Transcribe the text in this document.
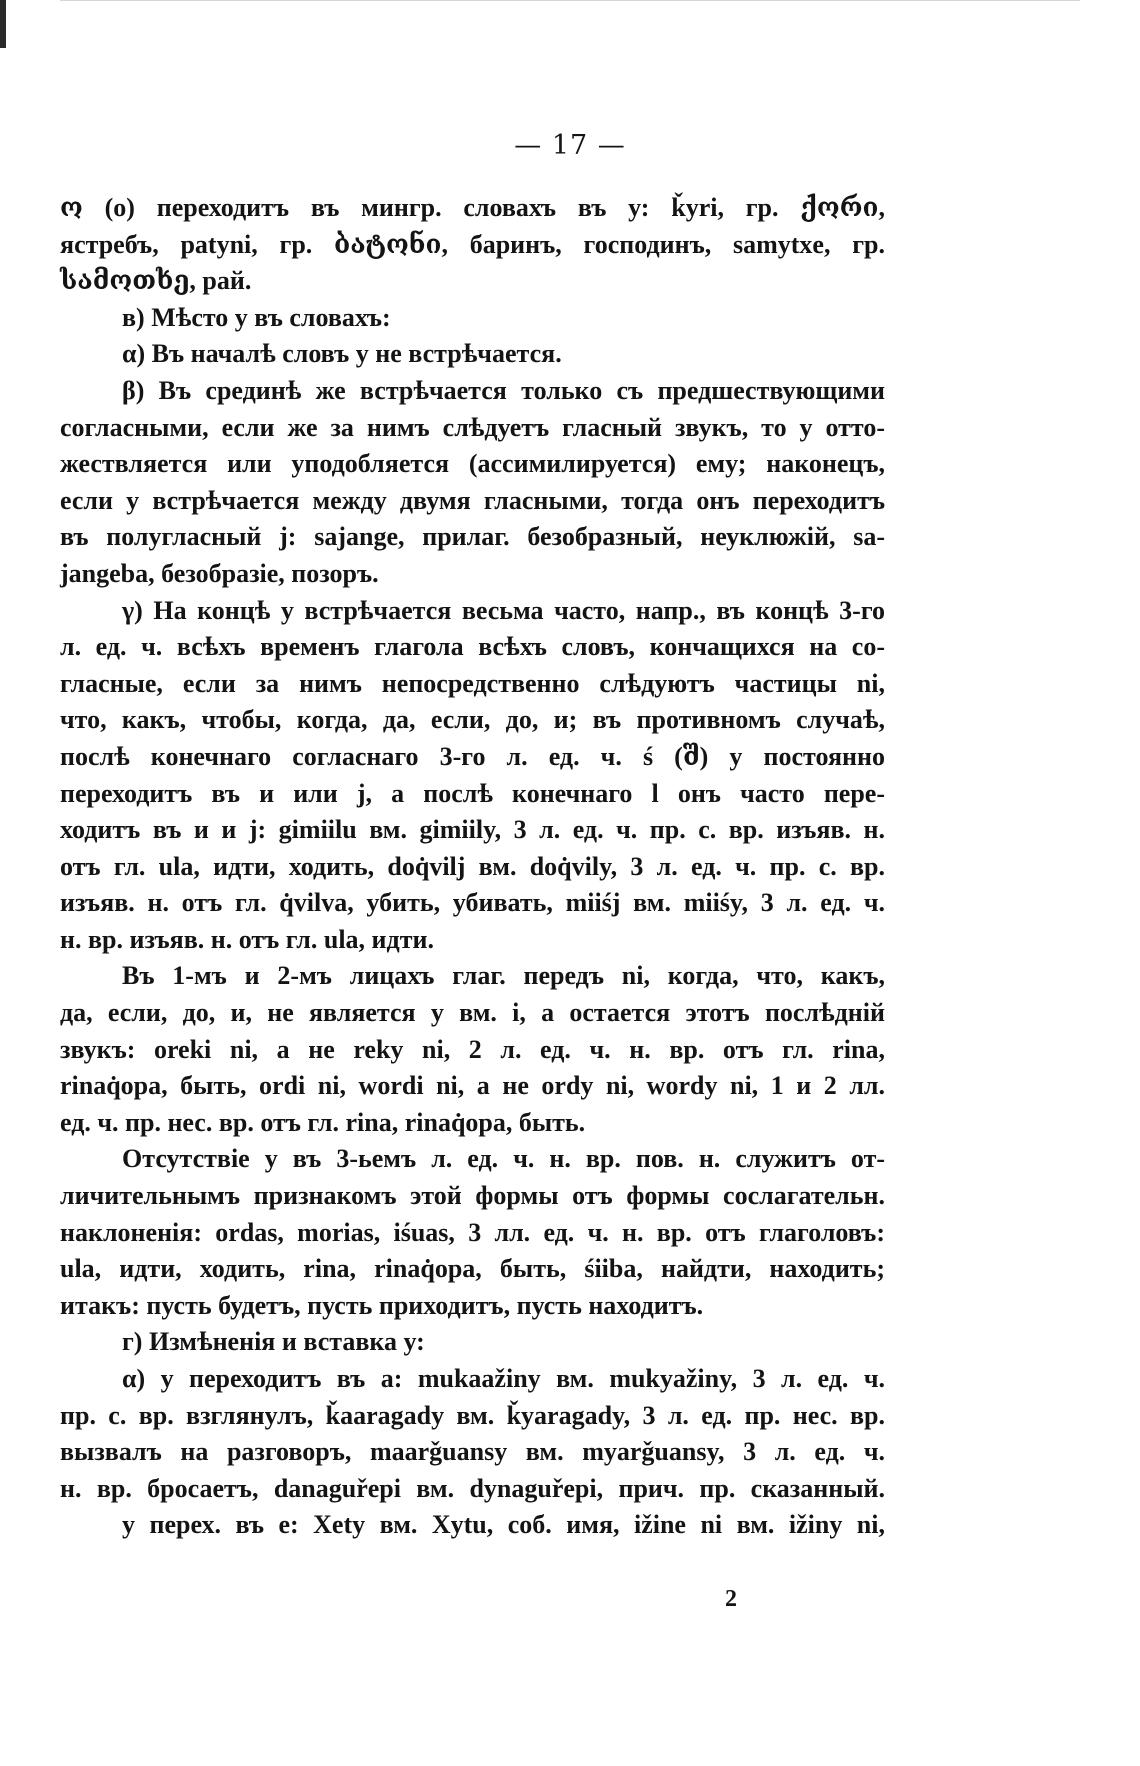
— 17 —
ო (о) переходитъ въ мингр. словахъ въ у: ǩуri, гр. ქორი,
ястребъ, patyni, гр. ბატონი, баринъ, господинъ, samytxe, гр.
სამოთხე, рай.
в) Мѣсто у въ словахъ:
α) Въ началѣ словъ у не встрѣчается.
β) Въ срединѣ же встрѣчается только съ предшествующими
согласными, если же за нимъ слѣдуетъ гласный звукъ, то у отто-
жествляется или уподобляется (ассимилируется) ему; наконецъ,
если у встрѣчается между двумя гласными, тогда онъ переходитъ
въ полугласный j: sajange, прилаг. безобразный, неуклюжій, sa-
jangeba, безобразіе, позоръ.
γ) На концѣ у встрѣчается весьма часто, напр., въ концѣ 3-го
л. ед. ч. всѣхъ временъ глагола всѣхъ словъ, кончащихся на со-
гласные, если за нимъ непосредственно слѣдуютъ частицы ni,
что, какъ, чтобы, когда, да, если, до, и; въ противномъ случаѣ,
послѣ конечнаго согласнаго 3-го л. ед. ч. ś (შ) у постоянно
переходитъ въ и или j, а послѣ конечнаго l онъ часто пере-
ходитъ въ и и j: gimiilu вм. gimiily, 3 л. ед. ч. пр. с. вр. изъяв. н.
отъ гл. ula, идти, ходить, doq̇vilj вм. doq̇vily, 3 л. ед. ч. пр. с. вр.
изъяв. н. отъ гл. q̇vilva, убить, убивать, miiśj вм. miiśy, 3 л. ед. ч.
н. вр. изъяв. н. отъ гл. ula, идти.
Въ 1-мъ и 2-мъ лицахъ глаг. передъ ni, когда, что, какъ,
да, если, до, и, не является у вм. i, а остается этотъ послѣдній
звукъ: oreki ni, а не reky ni, 2 л. ед. ч. н. вр. отъ гл. rina,
rinaq̇opa, быть, ordi ni, wordi ni, а не ordy ni, wordy ni, 1 и 2 лл.
ед. ч. пр. нес. вр. отъ гл. rina, rinaq̇opa, быть.
Отсутствіе у въ 3-ьемъ л. ед. ч. н. вр. пов. н. служитъ от-
личительнымъ признакомъ этой формы отъ формы сослагательн.
наклоненія: ordas, morias, iśuas, 3 лл. ед. ч. н. вр. отъ глаголовъ:
ula, идти, ходить, rina, rinaq̇opa, быть, śiiba, найдти, находить;
итакъ: пусть будетъ, пусть приходитъ, пусть находитъ.
г) Измѣненія и вставка у:
α) у переходитъ въ а: mukaažiny вм. mukyažiny, 3 л. ед. ч.
пр. с. вр. взглянулъ, ǩaaragady вм. ǩyaragady, 3 л. ед. пр. нес. вр.
вызвалъ на разговоръ, maarǧuansy вм. myarǧuansy, 3 л. ед. ч.
н. вр. бросаетъ, danaguřepi вм. dynaguřepi, прич. пр. сказанный.
у перех. въ е: Xety вм. Xytu, соб. имя, ižine ni вм. ižiny ni,
2
